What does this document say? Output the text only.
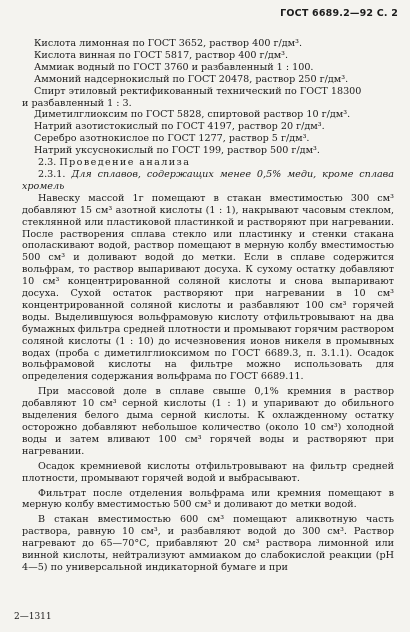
ГОСТ 6689.2—92 С. 2

Кислота лимонная по ГОСТ 3652, раствор 400 г/дм³.

Кислота винная по ГОСТ 5817, раствор 400 г/дм³.

Аммиак водный по ГОСТ 3760 и разбавленный 1 : 100.

Аммоний надсернокислый по ГОСТ 20478, раствор 250 г/дм³.

Спирт этиловый ректификованный технический по ГОСТ 18300

и разбавленный 1 : 3.

Диметилглиоксим по ГОСТ 5828, спиртовой раствор 10 г/дм³.

Натрий азотистокислый по ГОСТ 4197, раствор 20 г/дм³.

Серебро азотнокислое по ГОСТ 1277, раствор 5 г/дм³.

Натрий уксуснокислый по ГОСТ 199, раствор 500 г/дм³.

2.3. Проведение анализа

2.3.1. Для сплавов, содержащих менее 0,5% меди, кроме сплава хромель

Навеску массой 1г помещают в стакан вместимостью 300 см³ добавляют 15 см³ азотной кислоты (1 : 1), накрывают часовым стеклом, стеклянной или пластиковой пластинкой и растворяют при нагревании. После растворения сплава стекло или пластинку и стенки стакана ополаскивают водой, раствор помещают в мерную колбу вместимостью 500 см³ и доливают водой до метки. Если в сплаве содержится вольфрам, то раствор выпаривают досуха. К сухому остатку добавляют 10 см³ концентрированной соляной кислоты и снова выпаривают досуха. Сухой остаток растворяют при нагревании в 10 см³ концентрированной соляной кислоты и разбавляют 100 см³ горячей воды. Выделившуюся вольфрамовую кислоту отфильтровывают на два бумажных фильтра средней плотности и промывают горячим раствором соляной кислоты (1 : 10) до исчезновения ионов никеля в промывных водах (проба с диметилглиоксимом по ГОСТ 6689.3, п. 3.1.1). Осадок вольфрамовой кислоты на фильтре можно использовать для определения содержания вольфрама по ГОСТ 6689.11.

При массовой доле в сплаве свыше 0,1% кремния в раствор добавляют 10 см³ серной кислоты (1 : 1) и упаривают до обильного выделения белого дыма серной кислоты. К охлажденному остатку осторожно добавляют небольшое количество (около 10 см³) холодной воды и затем вливают 100 см³ горячей воды и растворяют при нагревании.

Осадок кремниевой кислоты отфильтровывают на фильтр средней плотности, промывают горячей водой и выбрасывают.

Фильтрат после отделения вольфрама или кремния помещают в мерную колбу вместимостью 500 см³ и доливают до метки водой.

В стакан вместимостью 600 см³ помещают аликвотную часть раствора, равную 10 см³, и разбавляют водой до 300 см³. Раствор нагревают до 65—70°С, прибавляют 20 см³ раствора лимонной или винной кислоты, нейтрализуют аммиаком до слабокислой реакции (pH 4—5) по универсальной индикаторной бумаге и при

2—1311
